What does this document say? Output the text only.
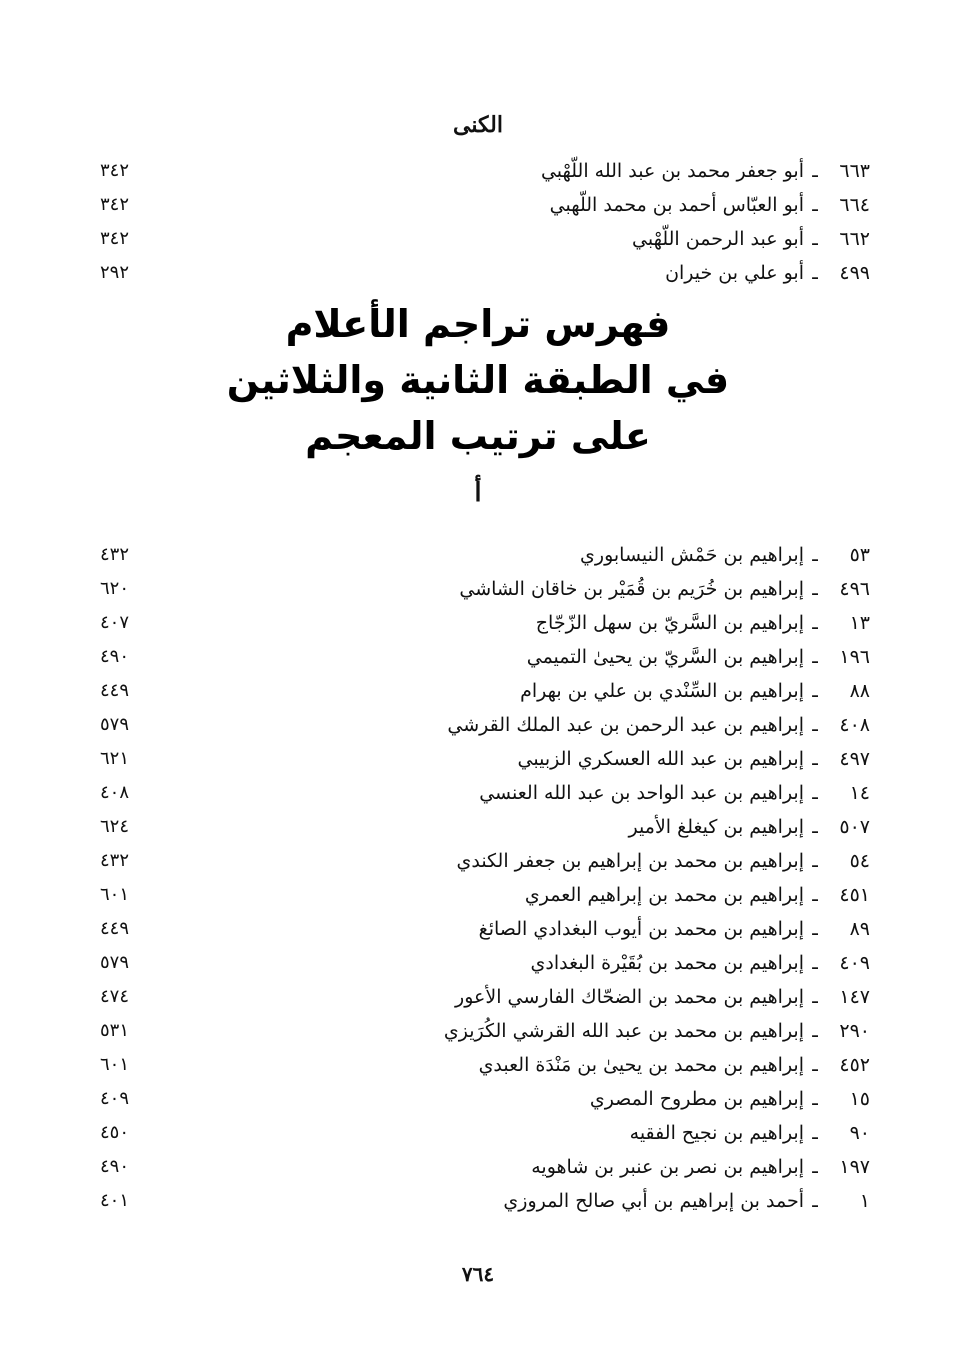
الكنى
٦٦٣ـأبو جعفر محمد بن عبد الله اللّهْبي
٣٤٢
٦٦٤ـأبو العبّاس أحمد بن محمد اللّهبي
٣٤٢
٦٦٢ـأبو عبد الرحمن اللّهْبي
٣٤٢
٤٩٩ـأبو علي بن خيران
٢٩٢
فهرس تراجم الأعلام
في الطبقة الثانية والثلاثين
على ترتيب المعجم
أ
٥٣ـإبراهيم بن حَمْش النيسابوري
٤٣٢
٤٩٦ـإبراهيم بن خُرَيم بن قُمَيْر بن خاقان الشاشي
٦٢٠
١٣ـإبراهيم بن السَّريّ بن سهل الزّجّاج
٤٠٧
١٩٦ـإبراهيم بن السَّريّ بن يحيىٰ التميمي
٤٩٠
٨٨ـإبراهيم بن السِّنْدي بن علي بن بهرام
٤٤٩
٤٠٨ـإبراهيم بن عبد الرحمن بن عبد الملك القرشي
٥٧٩
٤٩٧ـإبراهيم بن عبد الله العسكري الزبيبي
٦٢١
١٤ـإبراهيم بن عبد الواحد بن عبد الله العنسي
٤٠٨
٥٠٧ـإبراهيم بن كيغلغ الأمير
٦٢٤
٥٤ـإبراهيم بن محمد بن إبراهيم بن جعفر الكندي
٤٣٢
٤٥١ـإبراهيم بن محمد بن إبراهيم العمري
٦٠١
٨٩ـإبراهيم بن محمد بن أيوب البغدادي الصائغ
٤٤٩
٤٠٩ـإبراهيم بن محمد بن بُقَيْرة البغدادي
٥٧٩
١٤٧ـإبراهيم بن محمد بن الضحّاك الفارسي الأعور
٤٧٤
٢٩٠ـإبراهيم بن محمد بن عبد الله القرشي الكُرَيزي
٥٣١
٤٥٢ـإبراهيم بن محمد بن يحيىٰ بن مَنْدَة العبدي
٦٠١
١٥ـإبراهيم بن مطروح المصري
٤٠٩
٩٠ـإبراهيم بن نجيح الفقيه
٤٥٠
١٩٧ـإبراهيم بن نصر بن عنبر بن شاهويه
٤٩٠
١ـأحمد بن إبراهيم بن أبي صالح المروزي
٤٠١
٧٦٤
